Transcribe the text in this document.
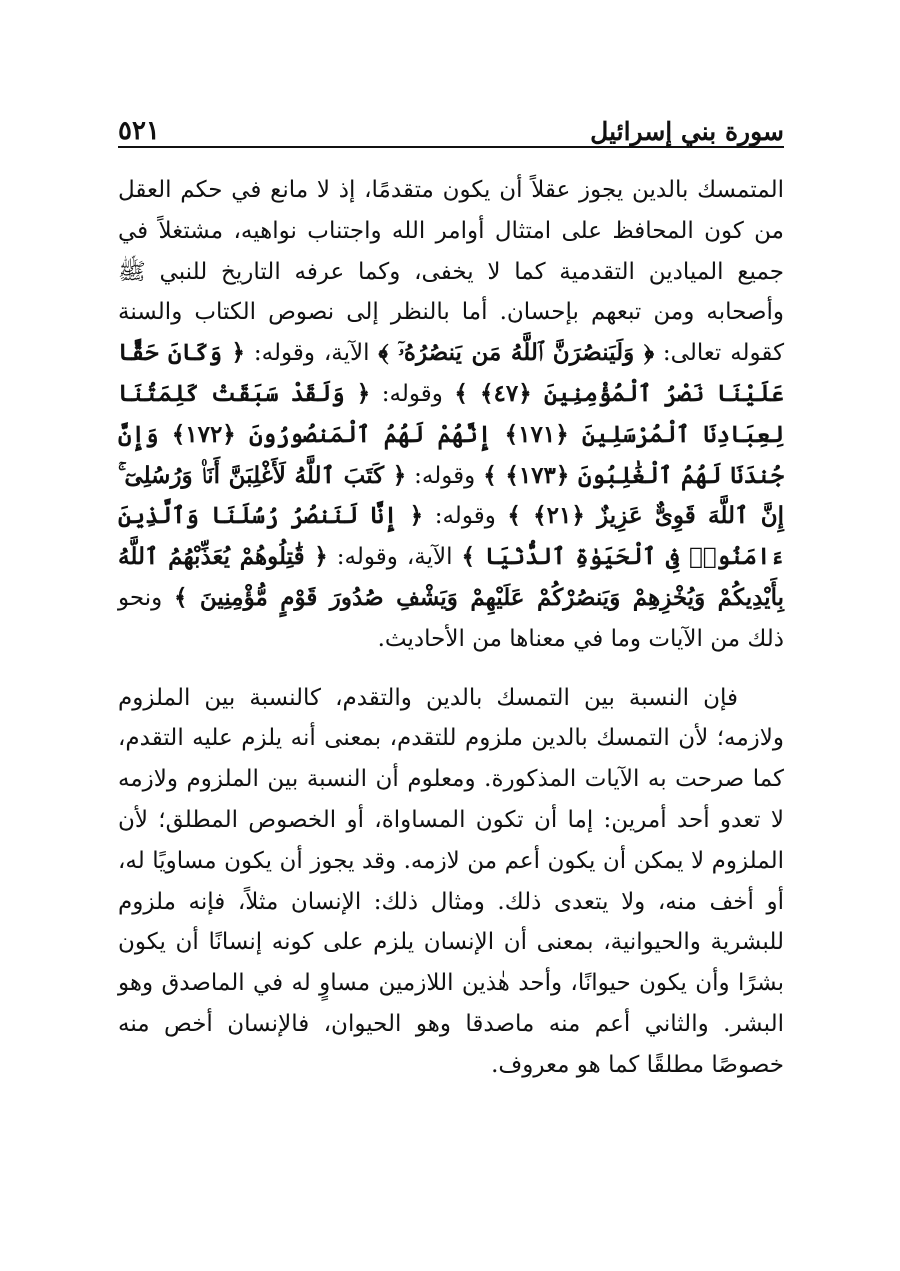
سورة بني إسرائيل
٥٢١

المتمسك بالدين يجوز عقلاً أن يكون متقدمًا، إذ لا مانع في حكم العقل من كون المحافظ على امتثال أوامر الله واجتناب نواهيه، مشتغلاً في جميع الميادين التقدمية كما لا يخفى، وكما عرفه التاريخ للنبي ﷺ وأصحابه ومن تبعهم بإحسان. أما بالنظر إلى نصوص الكتاب والسنة كقوله تعالى: ﴿ وَلَيَنصُرَنَّ ٱللَّهُ مَن يَنصُرُهُۥٓ ﴾ الآية، وقوله: ﴿ وَكَانَ حَقًّا عَلَيْنَا نَصْرُ ٱلْمُؤْمِنِينَ ﴿٤٧﴾ ﴾ وقوله: ﴿ وَلَقَدْ سَبَقَتْ كَلِمَتُنَا لِعِبَادِنَا ٱلْمُرْسَلِينَ ﴿١٧١﴾ إِنَّهُمْ لَهُمُ ٱلْمَنصُورُونَ ﴿١٧٢﴾ وَإِنَّ جُندَنَا لَهُمُ ٱلْغَٰلِبُونَ ﴿١٧٣﴾ ﴾ وقوله: ﴿ كَتَبَ ٱللَّهُ لَأَغْلِبَنَّ أَنَا۠ وَرُسُلِىٓ ۚ إِنَّ ٱللَّهَ قَوِىٌّ عَزِيزٌ ﴿٢١﴾ ﴾ وقوله: ﴿ إِنَّا لَنَنصُرُ رُسُلَنَا وَٱلَّذِينَ ءَامَنُوا۟ فِى ٱلْحَيَوٰةِ ٱلدُّنْيَا ﴾ الآية، وقوله: ﴿ قَٰتِلُوهُمْ يُعَذِّبْهُمُ ٱللَّهُ بِأَيْدِيكُمْ وَيُخْزِهِمْ وَيَنصُرْكُمْ عَلَيْهِمْ وَيَشْفِ صُدُورَ قَوْمٍ مُّؤْمِنِينَ ﴾ ونحو ذلك من الآيات وما في معناها من الأحاديث.

فإن النسبة بين التمسك بالدين والتقدم، كالنسبة بين الملزوم ولازمه؛ لأن التمسك بالدين ملزوم للتقدم، بمعنى أنه يلزم عليه التقدم، كما صرحت به الآيات المذكورة. ومعلوم أن النسبة بين الملزوم ولازمه لا تعدو أحد أمرين: إما أن تكون المساواة، أو الخصوص المطلق؛ لأن الملزوم لا يمكن أن يكون أعم من لازمه. وقد يجوز أن يكون مساويًا له، أو أخف منه، ولا يتعدى ذلك. ومثال ذلك: الإنسان مثلاً، فإنه ملزوم للبشرية والحيوانية، بمعنى أن الإنسان يلزم على كونه إنسانًا أن يكون بشرًا وأن يكون حيوانًا، وأحد هٰذين اللازمين مساوٍ له في الماصدق وهو البشر. والثاني أعم منه ماصدقا وهو الحيوان، فالإنسان أخص منه خصوصًا مطلقًا كما هو معروف.
